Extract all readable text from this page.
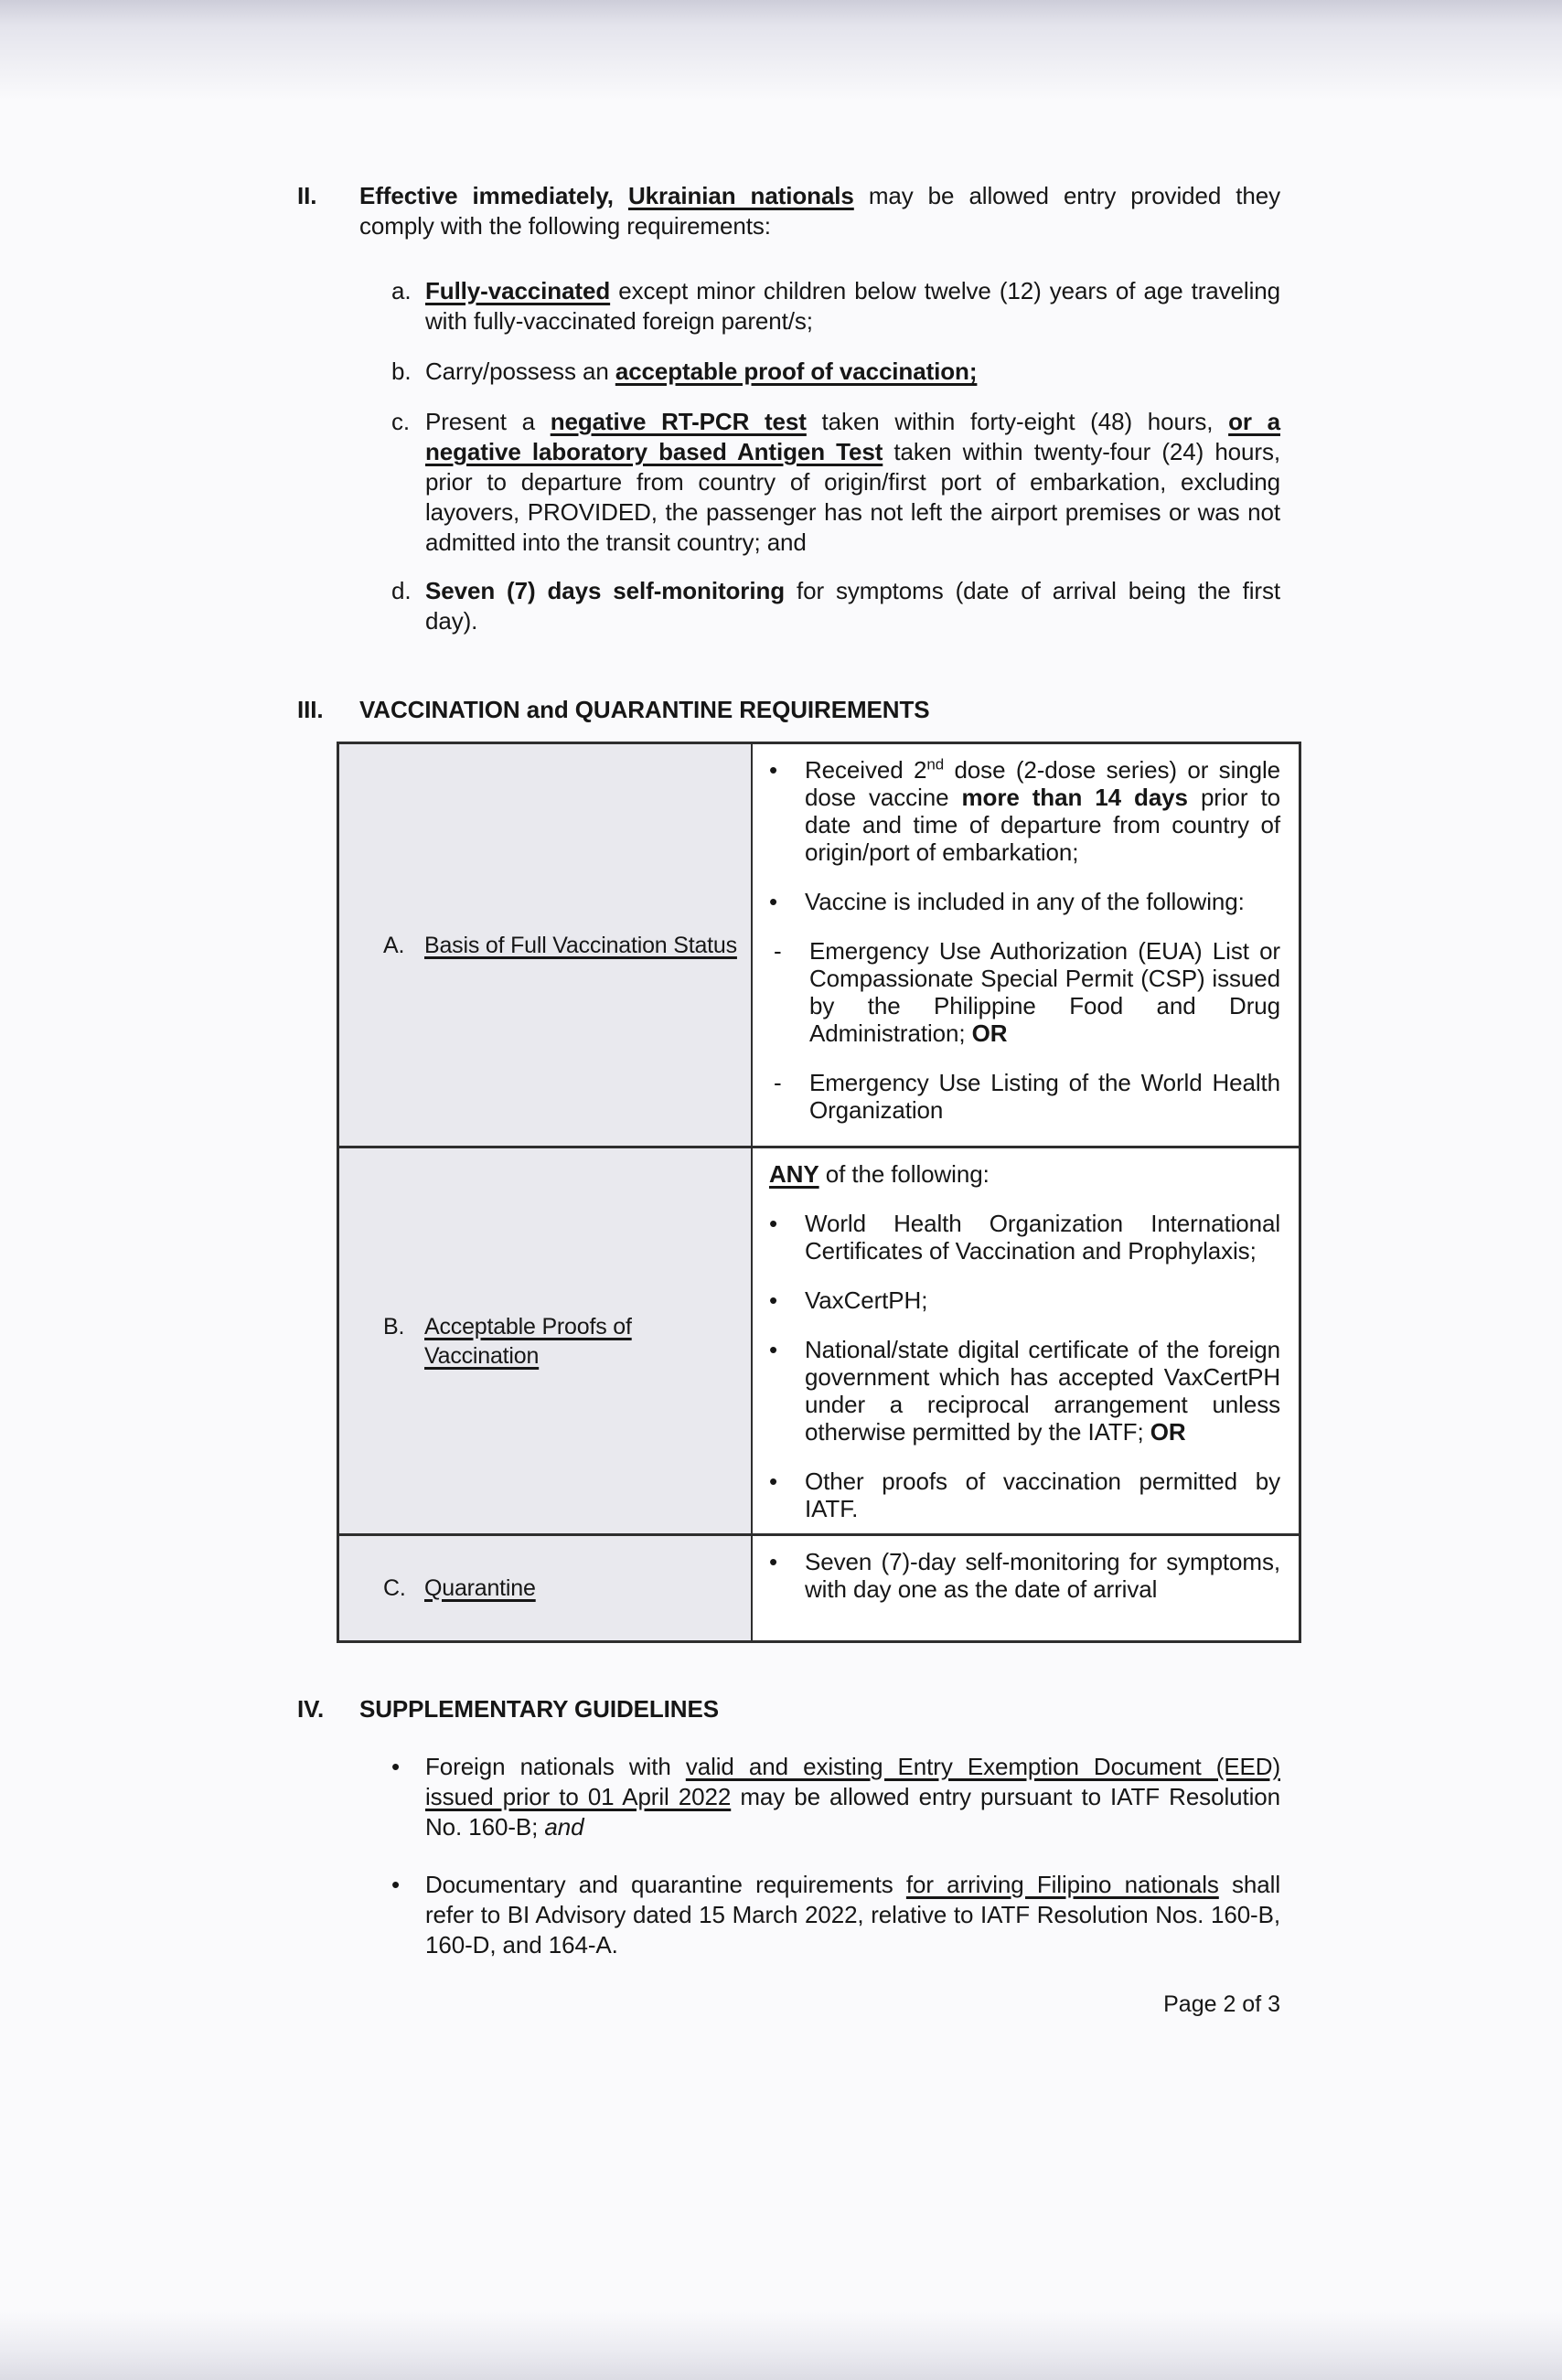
II.	Effective immediately, Ukrainian nationals may be allowed entry provided they comply with the following requirements:
a. Fully-vaccinated except minor children below twelve (12) years of age traveling with fully-vaccinated foreign parent/s;
b. Carry/possess an acceptable proof of vaccination;
c. Present a negative RT-PCR test taken within forty-eight (48) hours, or a negative laboratory based Antigen Test taken within twenty-four (24) hours, prior to departure from country of origin/first port of embarkation, excluding layovers, PROVIDED, the passenger has not left the airport premises or was not admitted into the transit country; and
d. Seven (7) days self-monitoring for symptoms (date of arrival being the first day).
III.	VACCINATION and QUARANTINE REQUIREMENTS
A. Basis of Full Vaccination Status
•	Received 2nd dose (2-dose series) or single dose vaccine more than 14 days prior to date and time of departure from country of origin/port of embarkation;
•	Vaccine is included in any of the following:
-	Emergency Use Authorization (EUA) List or Compassionate Special Permit (CSP) issued by the Philippine Food and Drug Administration; OR
-	Emergency Use Listing of the World Health Organization
B. Acceptable Proofs of Vaccination
ANY of the following:
•	World Health Organization International Certificates of Vaccination and Prophylaxis;
•	VaxCertPH;
•	National/state digital certificate of the foreign government which has accepted VaxCertPH under a reciprocal arrangement unless otherwise permitted by the IATF; OR
•	Other proofs of vaccination permitted by IATF.
C. Quarantine
•	Seven (7)-day self-monitoring for symptoms, with day one as the date of arrival
IV.	SUPPLEMENTARY GUIDELINES
•	Foreign nationals with valid and existing Entry Exemption Document (EED) issued prior to 01 April 2022 may be allowed entry pursuant to IATF Resolution No. 160-B; and
•	Documentary and quarantine requirements for arriving Filipino nationals shall refer to BI Advisory dated 15 March 2022, relative to IATF Resolution Nos. 160-B, 160-D, and 164-A.
Page 2 of 3
